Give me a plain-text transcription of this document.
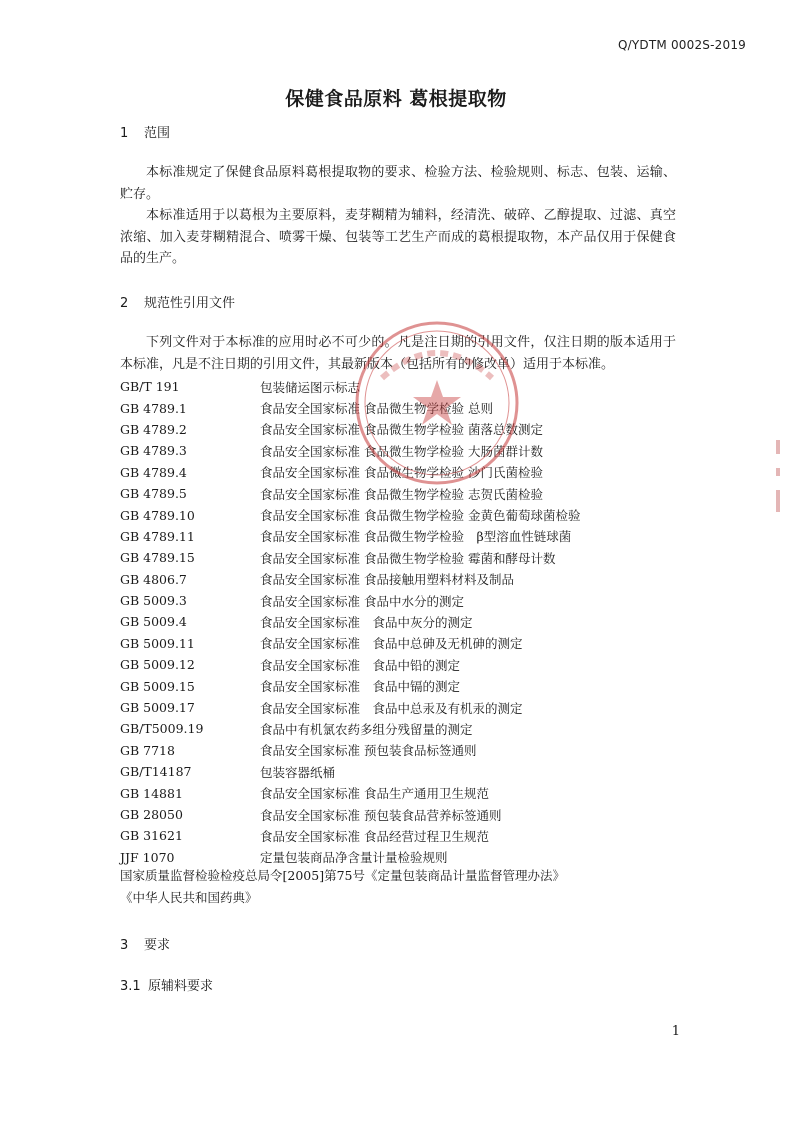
Q/YDTM 0002S-2019
保健食品原料 葛根提取物
1 范围
本标准规定了保健食品原料葛根提取物的要求、检验方法、检验规则、标志、包装、运输、贮存。
本标准适用于以葛根为主要原料，麦芽糊精为辅料，经清洗、破碎、乙醇提取、过滤、真空浓缩、加入麦芽糊精混合、喷雾干燥、包装等工艺生产而成的葛根提取物，本产品仅用于保健食品的生产。
2 规范性引用文件
下列文件对于本标准的应用时必不可少的。凡是注日期的引用文件，仅注日期的版本适用于本标准，凡是不注日期的引用文件，其最新版本（包括所有的修改单）适用于本标准。
GB/T 191	包装储运图示标志
GB 4789.1	食品安全国家标准 食品微生物学检验 总则
GB 4789.2	食品安全国家标准 食品微生物学检验 菌落总数测定
GB 4789.3	食品安全国家标准 食品微生物学检验 大肠菌群计数
GB 4789.4	食品安全国家标准 食品微生物学检验 沙门氏菌检验
GB 4789.5	食品安全国家标准 食品微生物学检验 志贺氏菌检验
GB 4789.10	食品安全国家标准 食品微生物学检验 金黄色葡萄球菌检验
GB 4789.11	食品安全国家标准 食品微生物学检验　β型溶血性链球菌
GB 4789.15	食品安全国家标准 食品微生物学检验 霉菌和酵母计数
GB 4806.7	食品安全国家标准 食品接触用塑料材料及制品
GB 5009.3	食品安全国家标准 食品中水分的测定
GB 5009.4	食品安全国家标准　食品中灰分的测定
GB 5009.11	食品安全国家标准　食品中总砷及无机砷的测定
GB 5009.12	食品安全国家标准　食品中铅的测定
GB 5009.15	食品安全国家标准　食品中镉的测定
GB 5009.17	食品安全国家标准　食品中总汞及有机汞的测定
GB/T5009.19	食品中有机氯农药多组分残留量的测定
GB 7718	食品安全国家标准 预包装食品标签通则
GB/T14187	包装容器纸桶
GB 14881	食品安全国家标准 食品生产通用卫生规范
GB 28050	食品安全国家标准 预包装食品营养标签通则
GB 31621	食品安全国家标准 食品经营过程卫生规范
JJF 1070	定量包装商品净含量计量检验规则
国家质量监督检验检疫总局令[2005]第75号《定量包装商品计量监督管理办法》
《中华人民共和国药典》
3 要求
3.1 原辅料要求
1
